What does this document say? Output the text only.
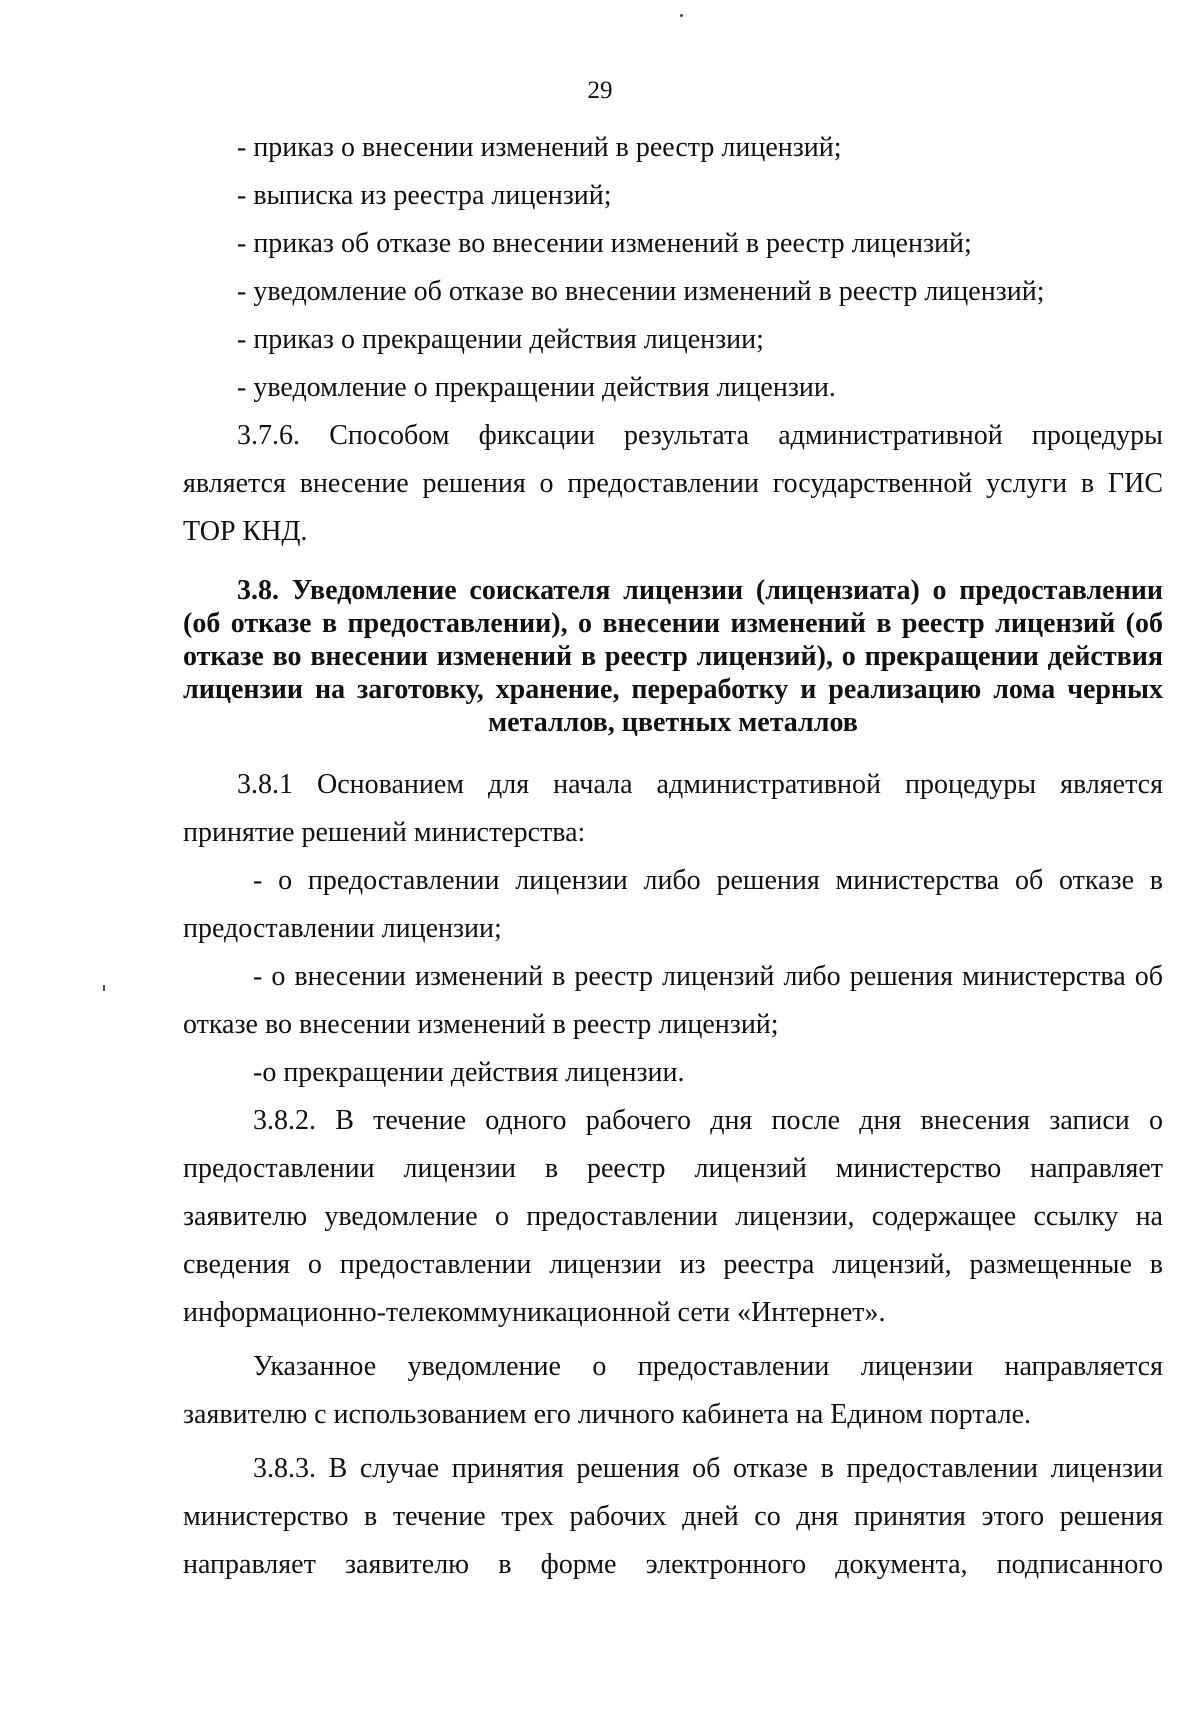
29

- приказ о внесении изменений в реестр лицензий;

- выписка из реестра лицензий;

- приказ об отказе во внесении изменений в реестр лицензий;

- уведомление об отказе во внесении изменений в реестр лицензий;

- приказ о прекращении действия лицензии;

- уведомление о прекращении действия лицензии.

3.7.6. Способом фиксации результата административной процедуры

является внесение решения о предоставлении государственной услуги в ГИС

ТОР КНД.

3.8. Уведомление соискателя лицензии (лицензиата) о предоставлении
(об отказе в предоставлении), о внесении изменений в реестр лицензий (об
отказе во внесении изменений в реестр лицензий), о прекращении действия
лицензии на заготовку, хранение, переработку и реализацию лома черных
металлов, цветных металлов

3.8.1 Основанием для начала административной процедуры является

принятие решений министерства:

- о предоставлении лицензии либо решения министерства об отказе в

предоставлении лицензии;

- о внесении изменений в реестр лицензий либо решения министерства об

отказе во внесении изменений в реестр лицензий;

-о прекращении действия лицензии.

3.8.2. В течение одного рабочего дня после дня внесения записи о

предоставлении лицензии в реестр лицензий министерство направляет

заявителю уведомление о предоставлении лицензии, содержащее ссылку на

сведения о предоставлении лицензии из реестра лицензий, размещенные в

информационно-телекоммуникационной сети «Интернет».

Указанное уведомление о предоставлении лицензии направляется

заявителю с использованием его личного кабинета на Едином портале.

3.8.3. В случае принятия решения об отказе в предоставлении лицензии

министерство в течение трех рабочих дней со дня принятия этого решения

направляет заявителю в форме электронного документа, подписанного
